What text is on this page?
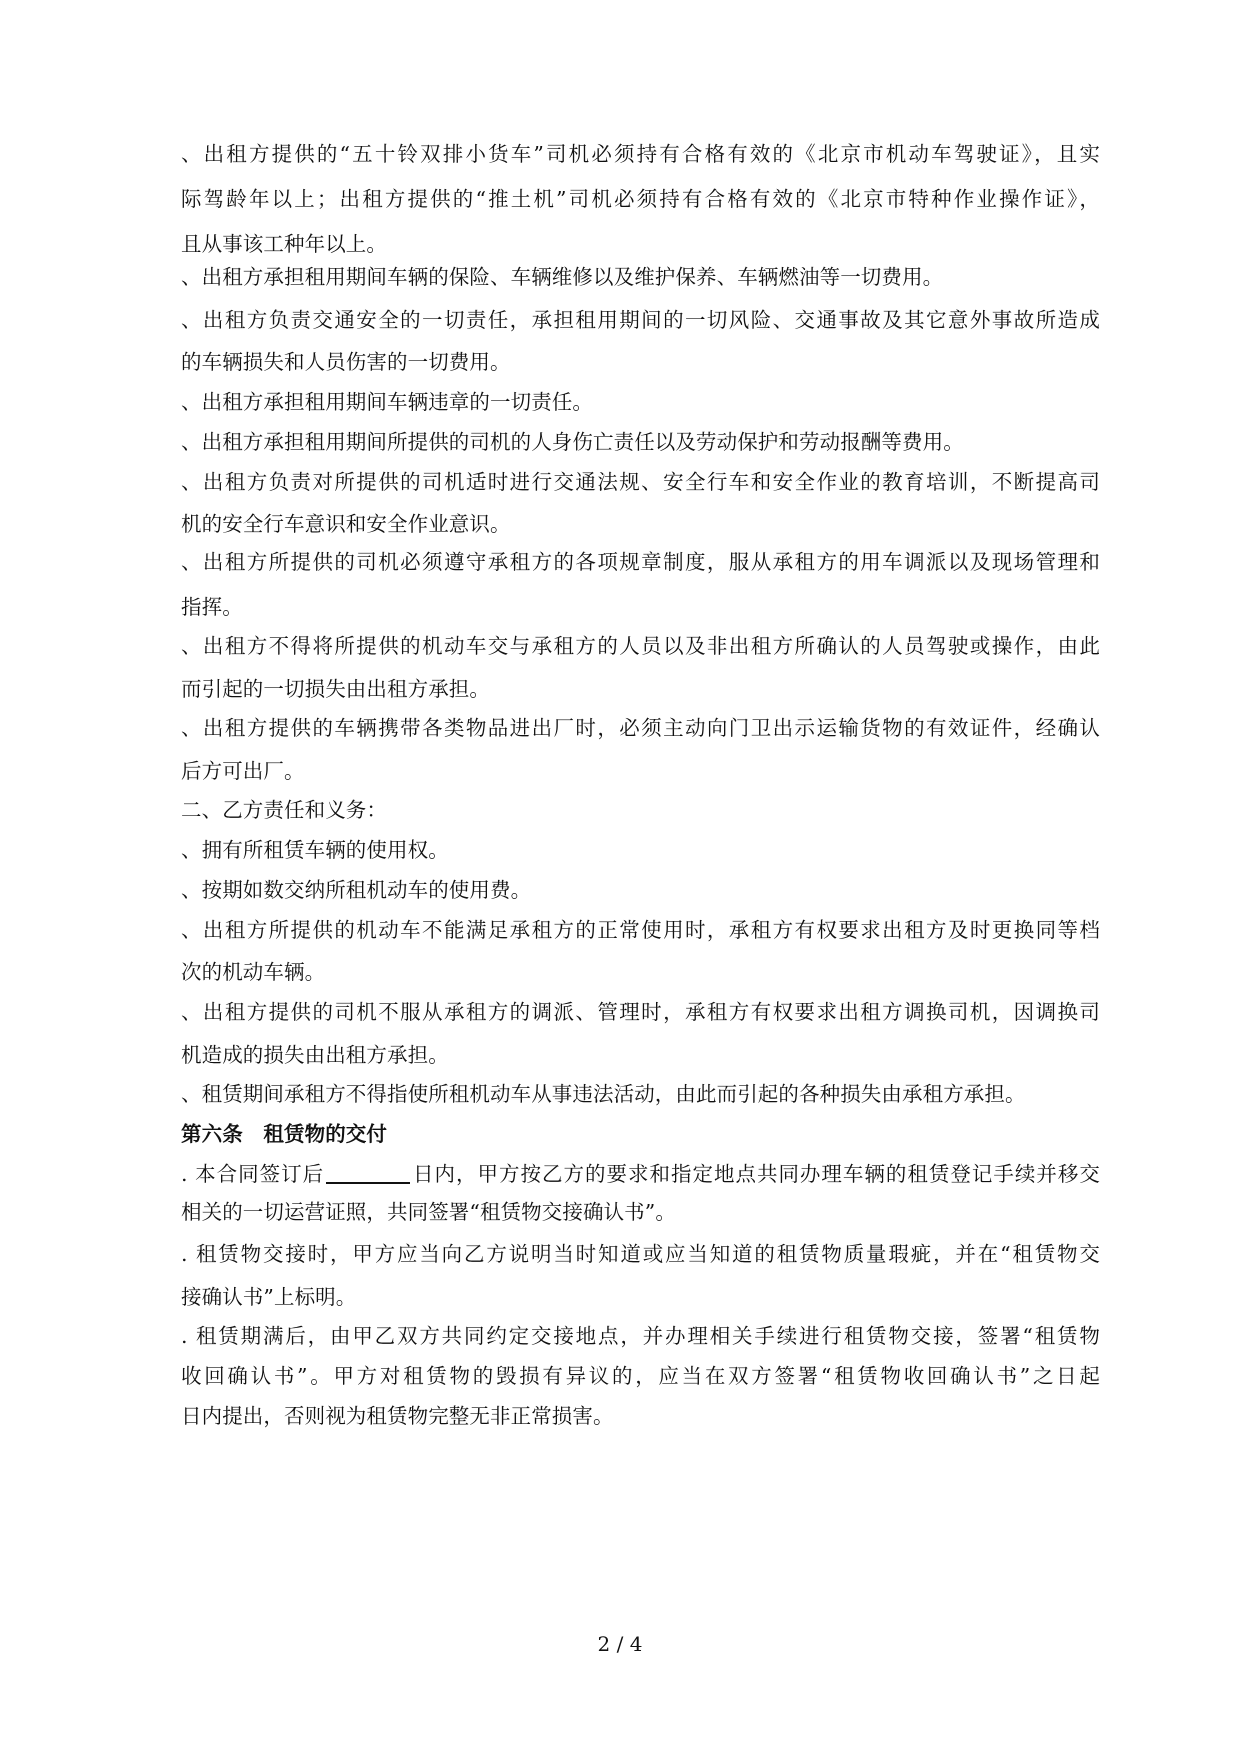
、出租方提供的“五十铃双排小货车”司机必须持有合格有效的《北京市机动车驾驶证》，且实
际驾龄年以上；出租方提供的“推土机”司机必须持有合格有效的《北京市特种作业操作证》，
且从事该工种年以上。
、出租方承担租用期间车辆的保险、车辆维修以及维护保养、车辆燃油等一切费用。
、出租方负责交通安全的一切责任，承担租用期间的一切风险、交通事故及其它意外事故所造成
的车辆损失和人员伤害的一切费用。
、出租方承担租用期间车辆违章的一切责任。
、出租方承担租用期间所提供的司机的人身伤亡责任以及劳动保护和劳动报酬等费用。
、出租方负责对所提供的司机适时进行交通法规、安全行车和安全作业的教育培训，不断提高司
机的安全行车意识和安全作业意识。
、出租方所提供的司机必须遵守承租方的各项规章制度，服从承租方的用车调派以及现场管理和
指挥。
、出租方不得将所提供的机动车交与承租方的人员以及非出租方所确认的人员驾驶或操作，由此
而引起的一切损失由出租方承担。
、出租方提供的车辆携带各类物品进出厂时，必须主动向门卫出示运输货物的有效证件，经确认
后方可出厂。
二、乙方责任和义务：
、拥有所租赁车辆的使用权。
、按期如数交纳所租机动车的使用费。
、出租方所提供的机动车不能满足承租方的正常使用时，承租方有权要求出租方及时更换同等档
次的机动车辆。
、出租方提供的司机不服从承租方的调派、管理时，承租方有权要求出租方调换司机，因调换司
机造成的损失由出租方承担。
、租赁期间承租方不得指使所租机动车从事违法活动，由此而引起的各种损失由承租方承担。
第六条　租赁物的交付
. 本合同签订后	日内，甲方按乙方的要求和指定地点共同办理车辆的租赁登记手续并移交
相关的一切运营证照，共同签署“租赁物交接确认书”。
. 租赁物交接时，甲方应当向乙方说明当时知道或应当知道的租赁物质量瑕疵，并在“租赁物交
接确认书”上标明。
. 租赁期满后，由甲乙双方共同约定交接地点，并办理相关手续进行租赁物交接，签署“租赁物
收回确认书”。甲方对租赁物的毁损有异议的，应当在双方签署“租赁物收回确认书”之日起
日内提出，否则视为租赁物完整无非正常损害。
2 / 4
